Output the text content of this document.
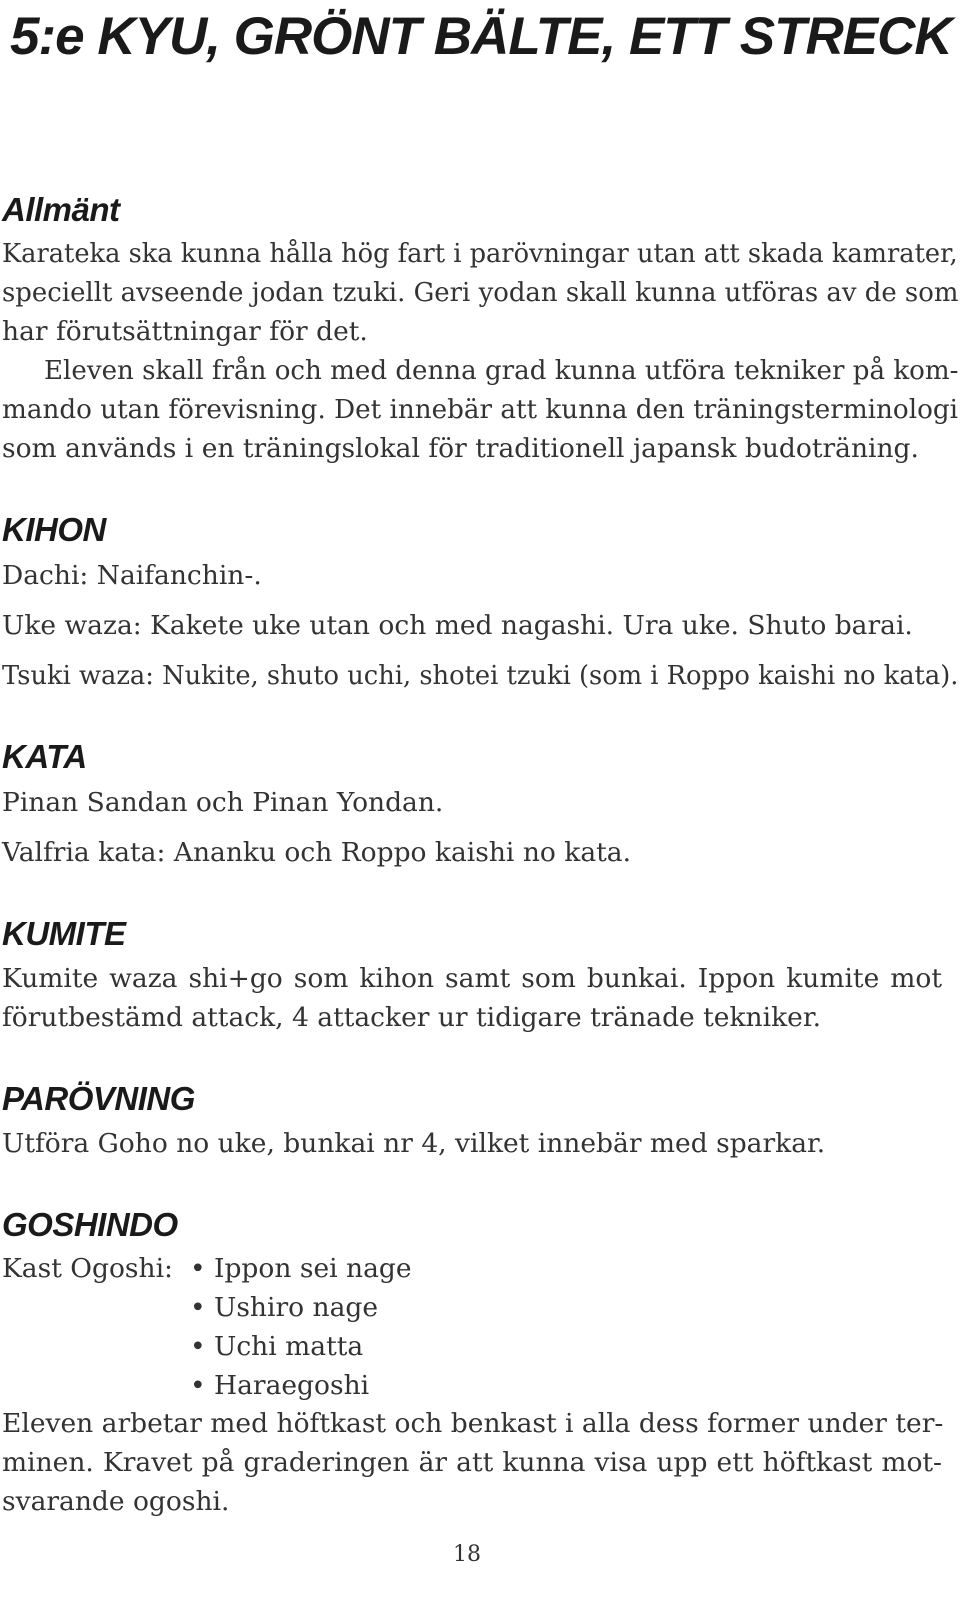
5:e KYU, GRÖNT BÄLTE, ETT STRECK
Allmänt

Karateka ska kunna hålla hög fart i parövningar utan att skada kamrater,

speciellt avseende jodan tzuki. Geri yodan skall kunna utföras av de som

har förutsättningar för det.

Eleven skall från och med denna grad kunna utföra tekniker på kom-

mando utan förevisning. Det innebär att kunna den träningsterminologi

som används i en träningslokal för traditionell japansk budoträning.

KIHON

Dachi: Naifanchin-.

Uke waza: Kakete uke utan och med nagashi. Ura uke. Shuto barai.

Tsuki waza: Nukite, shuto uchi, shotei tzuki (som i Roppo kaishi no kata).

KATA

Pinan Sandan och Pinan Yondan.

Valfria kata: Ananku och Roppo kaishi no kata.

KUMITE

Kumite waza shi+go som kihon samt som bunkai. Ippon kumite mot

förutbestämd attack, 4 attacker ur tidigare tränade tekniker.

PARÖVNING

Utföra Goho no uke, bunkai nr 4, vilket innebär med sparkar.

GOSHINDO

Kast Ogoshi: • Ippon sei nage

• Ushiro nage

• Uchi matta

• Haraegoshi

Eleven arbetar med höftkast och benkast i alla dess former under ter-

minen. Kravet på graderingen är att kunna visa upp ett höftkast mot-

svarande ogoshi.

18
